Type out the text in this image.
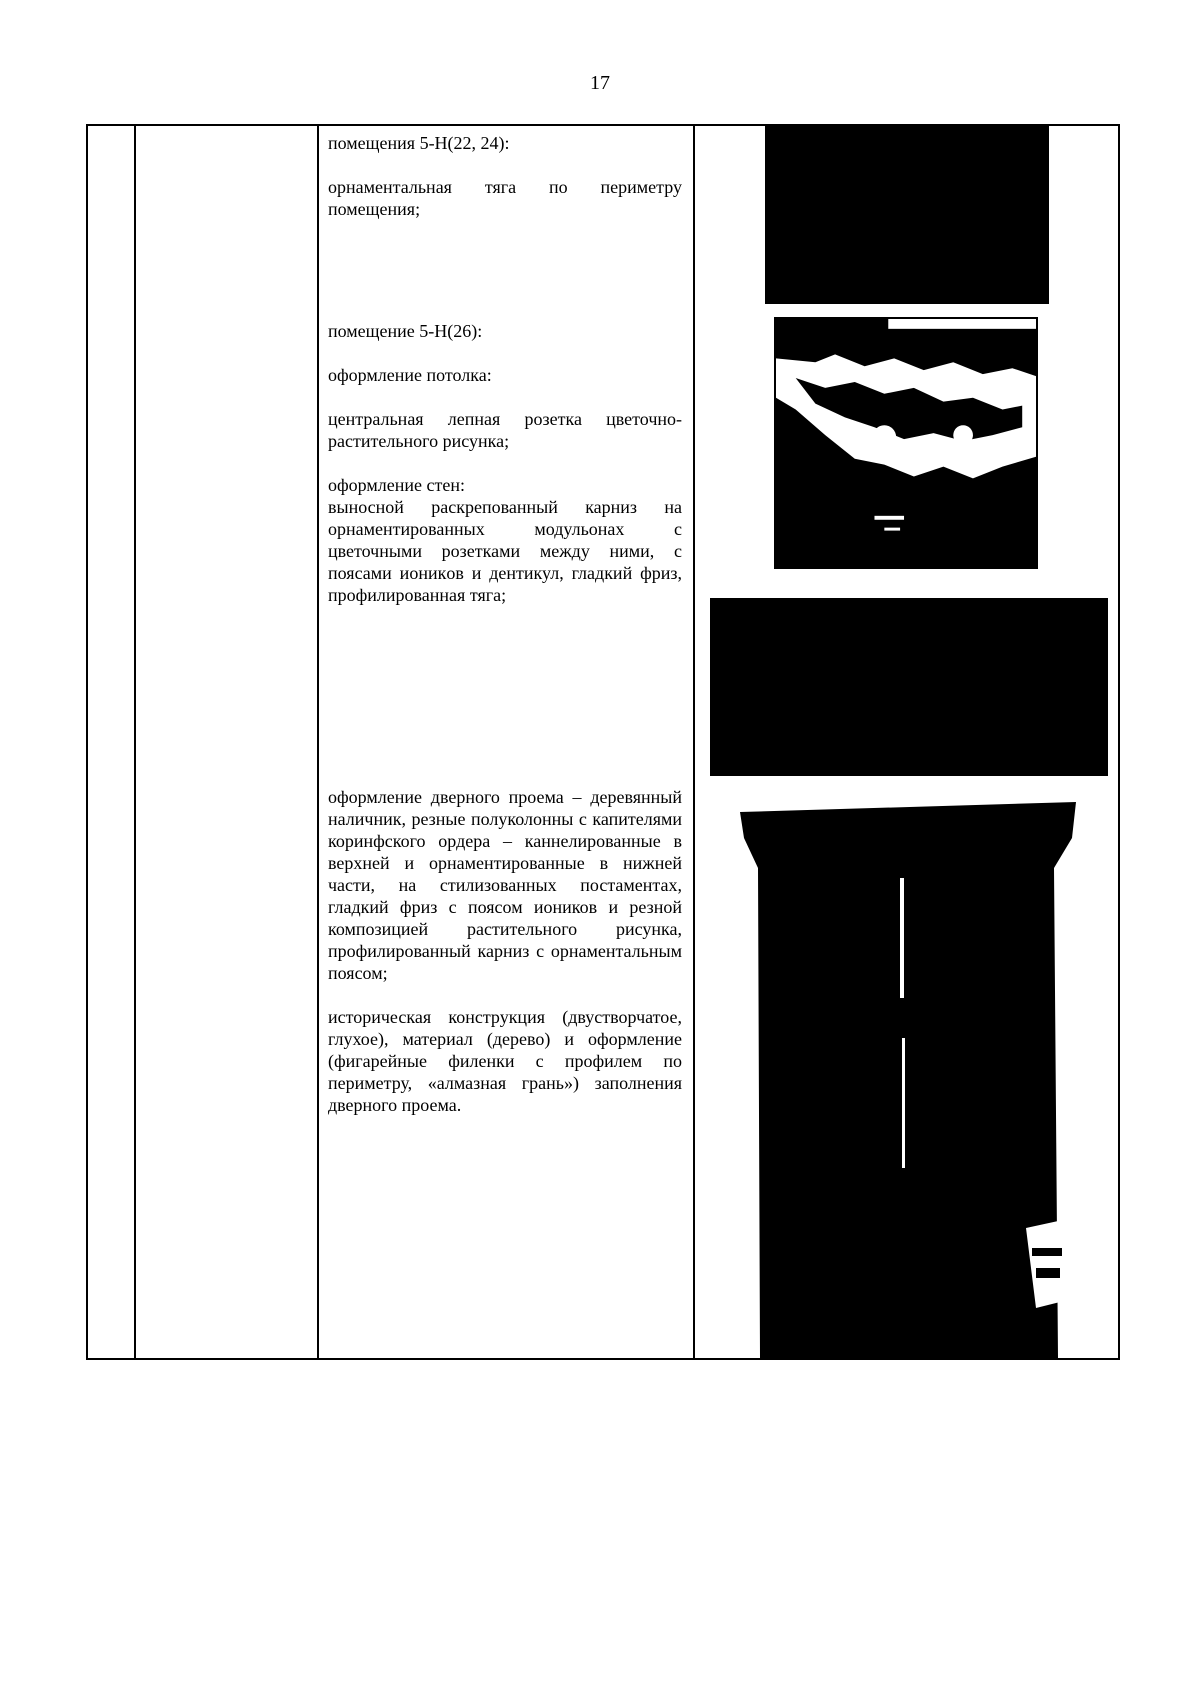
17

помещения 5-Н(22, 24):

орнаментальная тяга по периметру помещения;

помещение 5-Н(26):

оформление потолка:

центральная лепная розетка цветочно-растительного рисунка;

оформление стен:

выносной раскрепованный карниз на орнаментированных модульонах с цветочными розетками между ними, с поясами ионикoв и дентикул, гладкий фриз, профилированная тяга;

оформление дверного проема – деревянный наличник, резные полуколонны с капителями коринфского ордера – каннелированные в верхней и орнаментированные в нижней части, на стилизованных постаментах, гладкий фриз с поясом иоников и резной композицией растительного рисунка, профилированный карниз с орнаментальным поясом;

историческая конструкция (двустворчатое, глухое), материал (дерево) и оформление (фигарейные филенки с профилем по периметру, «алмазная грань») заполнения дверного проема.
